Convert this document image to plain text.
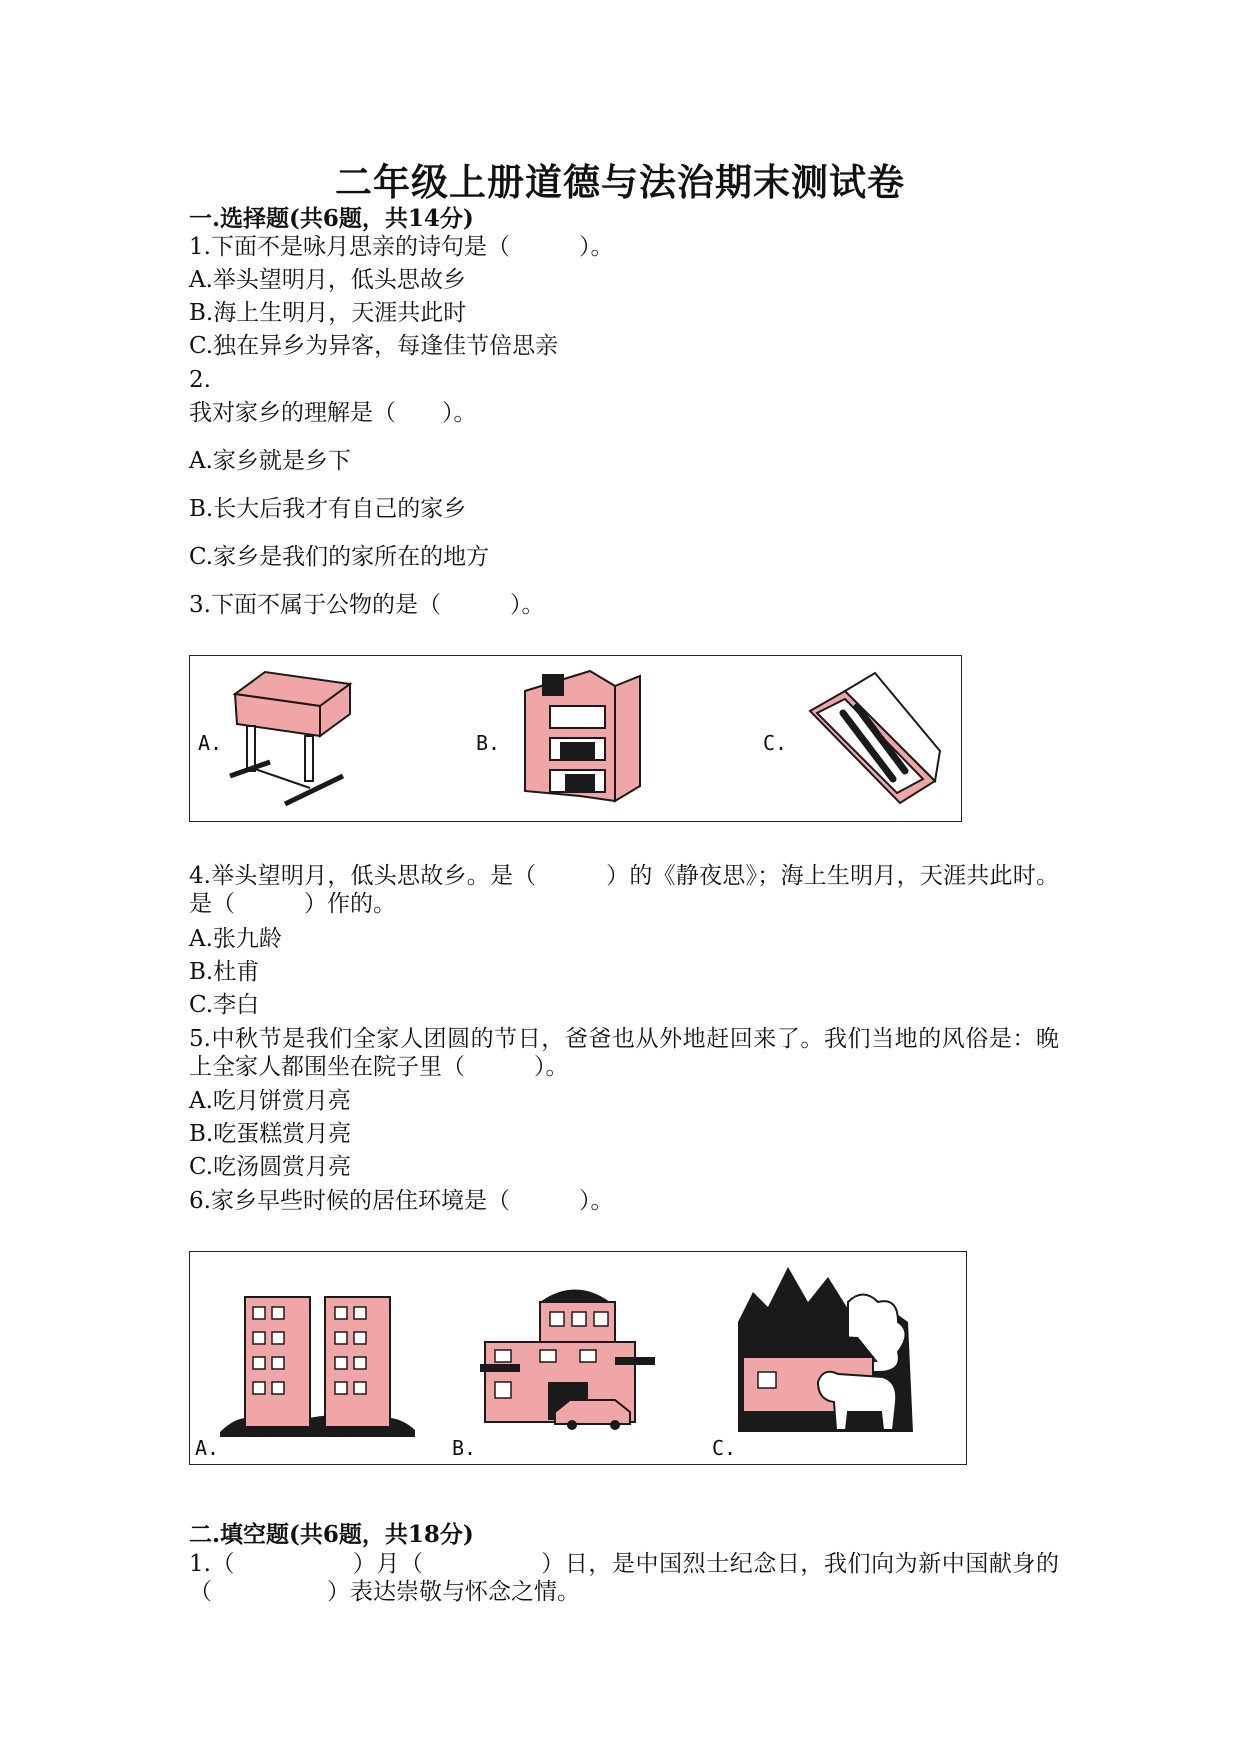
二年级上册道德与法治期末测试卷
一.选择题(共6题，共14分)
1.下面不是咏月思亲的诗句是（　　　）。
A.举头望明月，低头思故乡
B.海上生明月，天涯共此时
C.独在异乡为异客，每逢佳节倍思亲
2.
我对家乡的理解是（　　）。
A.家乡就是乡下
B.长大后我才有自己的家乡
C.家乡是我们的家所在的地方
3.下面不属于公物的是（　　　）。
A.	B.	C.
4.举头望明月，低头思故乡。是（　　　）的《静夜思》；海上生明月，天涯共此时。是（　　　）作的。
A.张九龄
B.杜甫
C.李白
5.中秋节是我们全家人团圆的节日，爸爸也从外地赶回来了。我们当地的风俗是：晚上全家人都围坐在院子里（　　　）。
A.吃月饼赏月亮
B.吃蛋糕赏月亮
C.吃汤圆赏月亮
6.家乡早些时候的居住环境是（　　　）。
A.	B.	C.
二.填空题(共6题，共18分)
1.（　　　　　）月（　　　　　）日，是中国烈士纪念日，我们向为新中国献身的（　　　　　）表达崇敬与怀念之情。
